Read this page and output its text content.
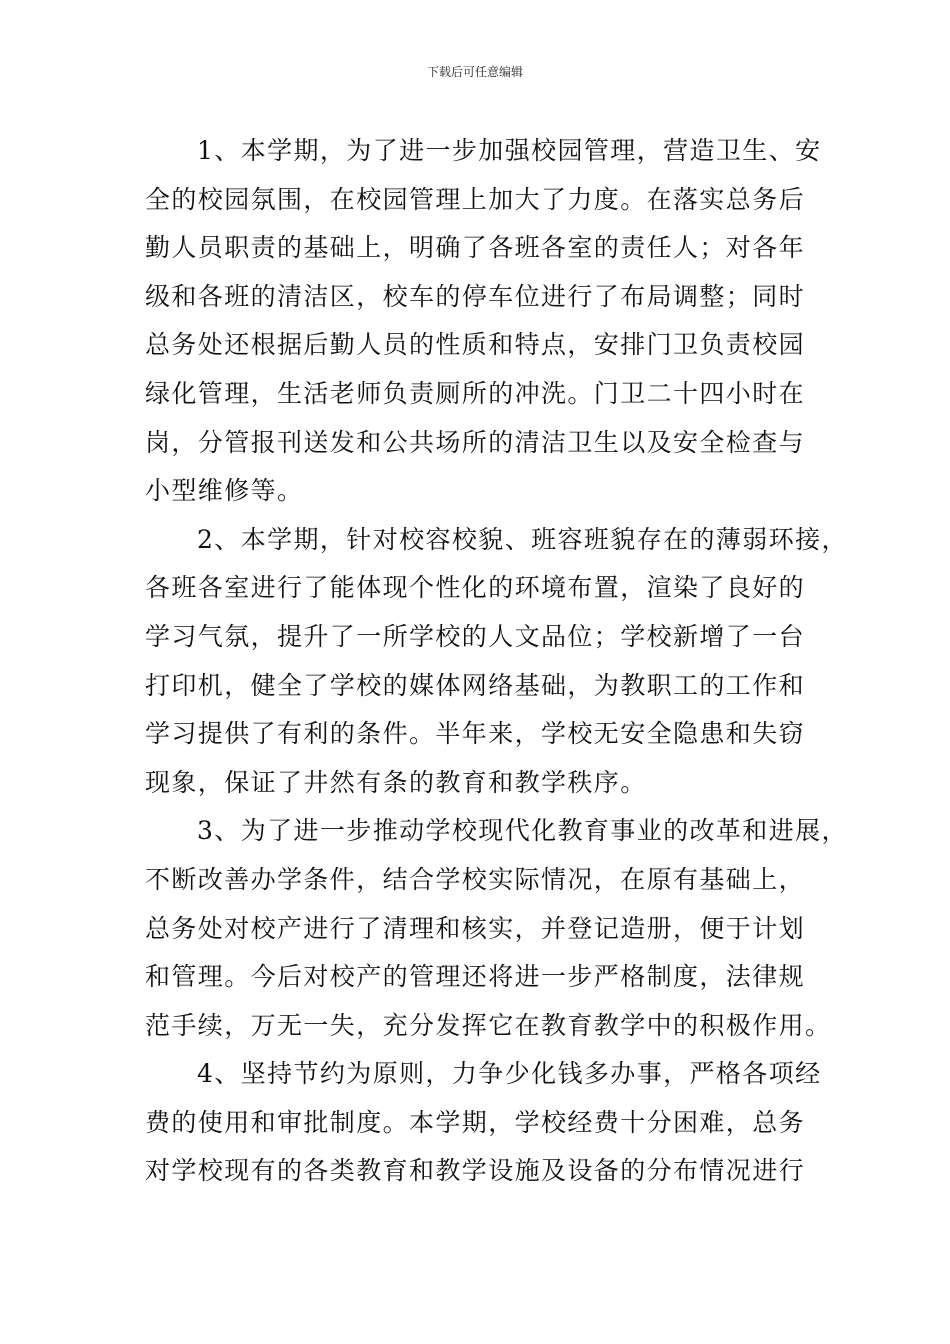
下载后可任意编辑

1、本学期，为了进一步加强校园管理，营造卫生、安
全的校园氛围，在校园管理上加大了力度。在落实总务后
勤人员职责的基础上，明确了各班各室的责任人；对各年
级和各班的清洁区，校车的停车位进行了布局调整；同时
总务处还根据后勤人员的性质和特点，安排门卫负责校园
绿化管理，生活老师负责厕所的冲洗。门卫二十四小时在
岗，分管报刊送发和公共场所的清洁卫生以及安全检查与
小型维修等。

2、本学期，针对校容校貌、班容班貌存在的薄弱环接，
各班各室进行了能体现个性化的环境布置，渲染了良好的
学习气氛，提升了一所学校的人文品位；学校新增了一台
打印机，健全了学校的媒体网络基础，为教职工的工作和
学习提供了有利的条件。半年来，学校无安全隐患和失窃
现象，保证了井然有条的教育和教学秩序。

3、为了进一步推动学校现代化教育事业的改革和进展，
不断改善办学条件，结合学校实际情况，在原有基础上，
总务处对校产进行了清理和核实，并登记造册，便于计划
和管理。今后对校产的管理还将进一步严格制度，法律规
范手续，万无一失，充分发挥它在教育教学中的积极作用。

4、坚持节约为原则，力争少化钱多办事，严格各项经
费的使用和审批制度。本学期，学校经费十分困难，总务
对学校现有的各类教育和教学设施及设备的分布情况进行
